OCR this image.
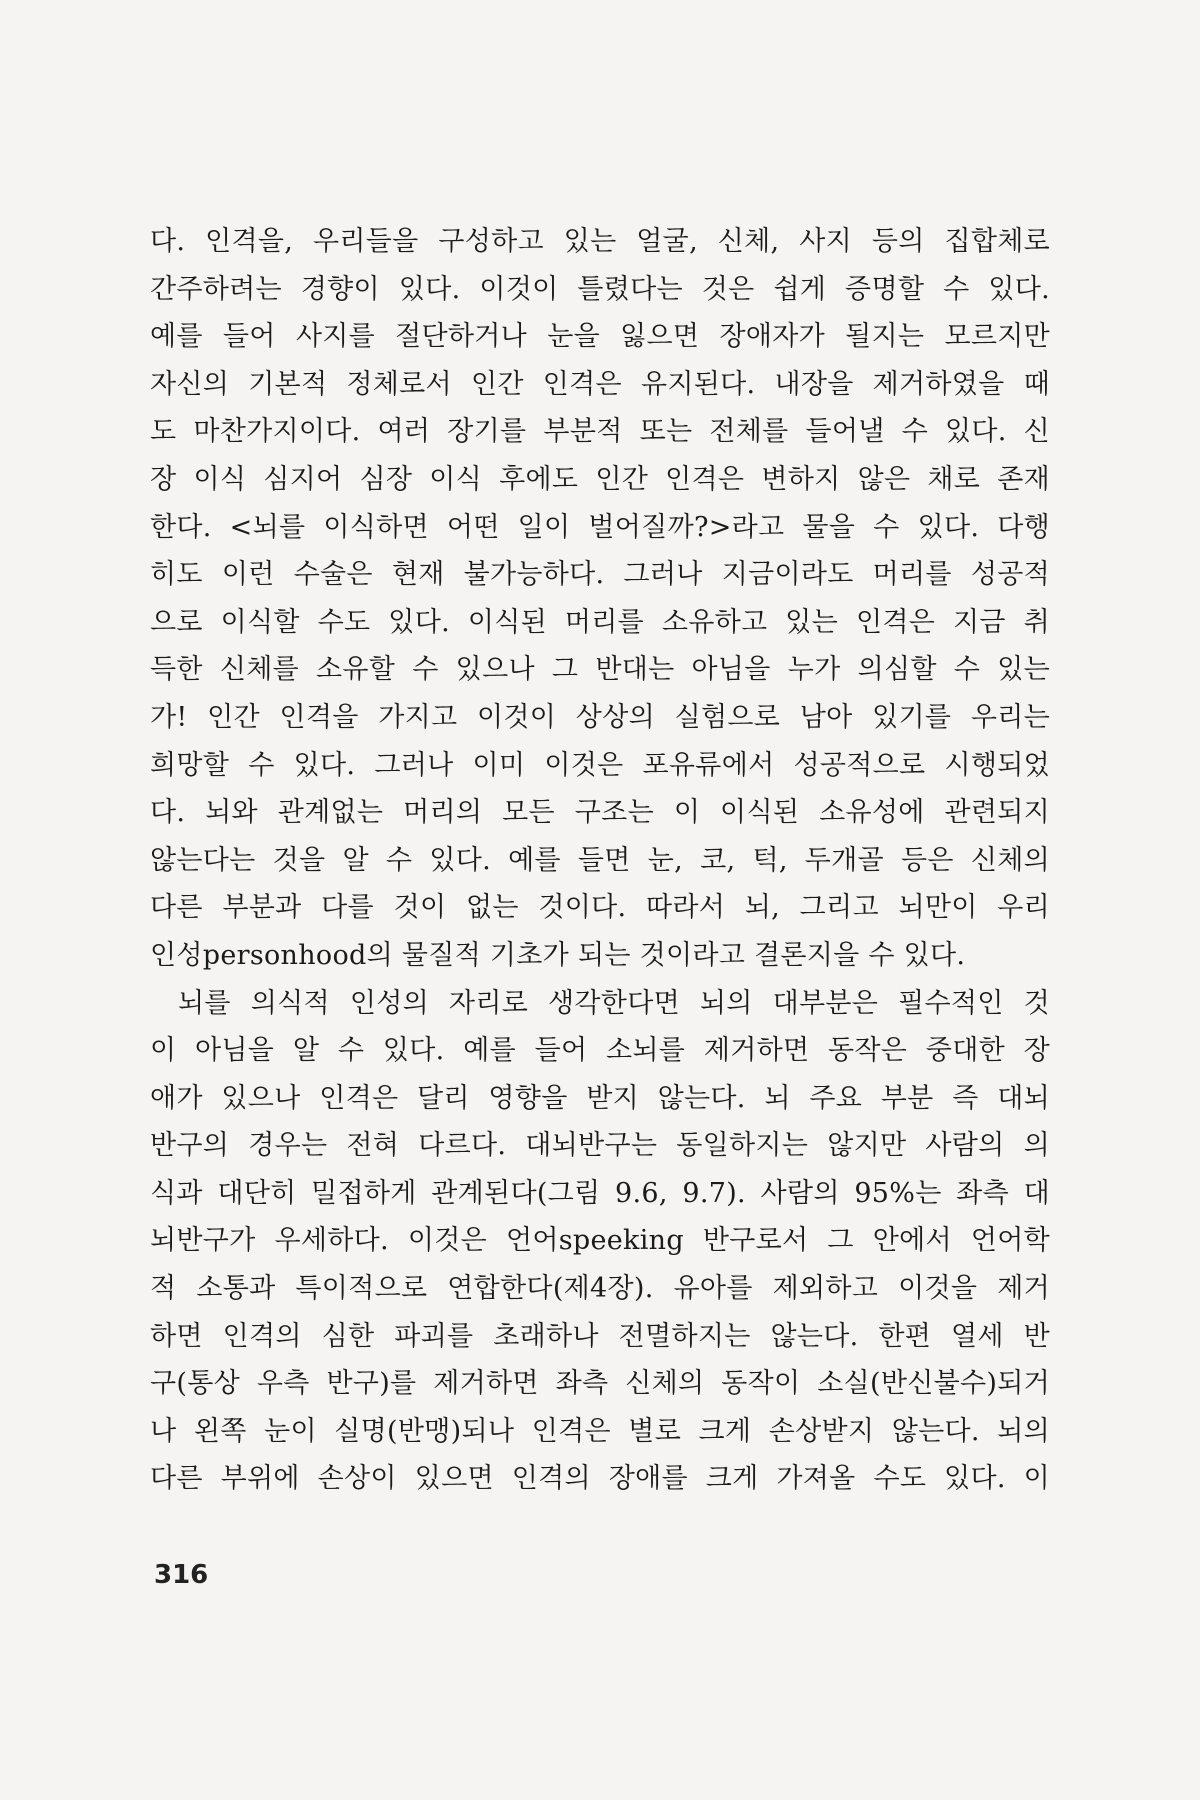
다. 인격을, 우리들을 구성하고 있는 얼굴, 신체, 사지 등의 집합체로
간주하려는 경향이 있다. 이것이 틀렸다는 것은 쉽게 증명할 수 있다.
예를 들어 사지를 절단하거나 눈을 잃으면 장애자가 될지는 모르지만
자신의 기본적 정체로서 인간 인격은 유지된다. 내장을 제거하였을 때
도 마찬가지이다. 여러 장기를 부분적 또는 전체를 들어낼 수 있다. 신
장 이식 심지어 심장 이식 후에도 인간 인격은 변하지 않은 채로 존재
한다. <뇌를 이식하면 어떤 일이 벌어질까?>라고 물을 수 있다. 다행
히도 이런 수술은 현재 불가능하다. 그러나 지금이라도 머리를 성공적
으로 이식할 수도 있다. 이식된 머리를 소유하고 있는 인격은 지금 취
득한 신체를 소유할 수 있으나 그 반대는 아님을 누가 의심할 수 있는
가! 인간 인격을 가지고 이것이 상상의 실험으로 남아 있기를 우리는
희망할 수 있다. 그러나 이미 이것은 포유류에서 성공적으로 시행되었
다. 뇌와 관계없는 머리의 모든 구조는 이 이식된 소유성에 관련되지
않는다는 것을 알 수 있다. 예를 들면 눈, 코, 턱, 두개골 등은 신체의
다른 부분과 다를 것이 없는 것이다. 따라서 뇌, 그리고 뇌만이 우리
인성personhood의 물질적 기초가 되는 것이라고 결론지을 수 있다.
뇌를 의식적 인성의 자리로 생각한다면 뇌의 대부분은 필수적인 것
이 아님을 알 수 있다. 예를 들어 소뇌를 제거하면 동작은 중대한 장
애가 있으나 인격은 달리 영향을 받지 않는다. 뇌 주요 부분 즉 대뇌
반구의 경우는 전혀 다르다. 대뇌반구는 동일하지는 않지만 사람의 의
식과 대단히 밀접하게 관계된다(그림 9.6, 9.7). 사람의 95%는 좌측 대
뇌반구가 우세하다. 이것은 언어speeking 반구로서 그 안에서 언어학
적 소통과 특이적으로 연합한다(제4장). 유아를 제외하고 이것을 제거
하면 인격의 심한 파괴를 초래하나 전멸하지는 않는다. 한편 열세 반
구(통상 우측 반구)를 제거하면 좌측 신체의 동작이 소실(반신불수)되거
나 왼쪽 눈이 실명(반맹)되나 인격은 별로 크게 손상받지 않는다. 뇌의
다른 부위에 손상이 있으면 인격의 장애를 크게 가져올 수도 있다. 이
316
